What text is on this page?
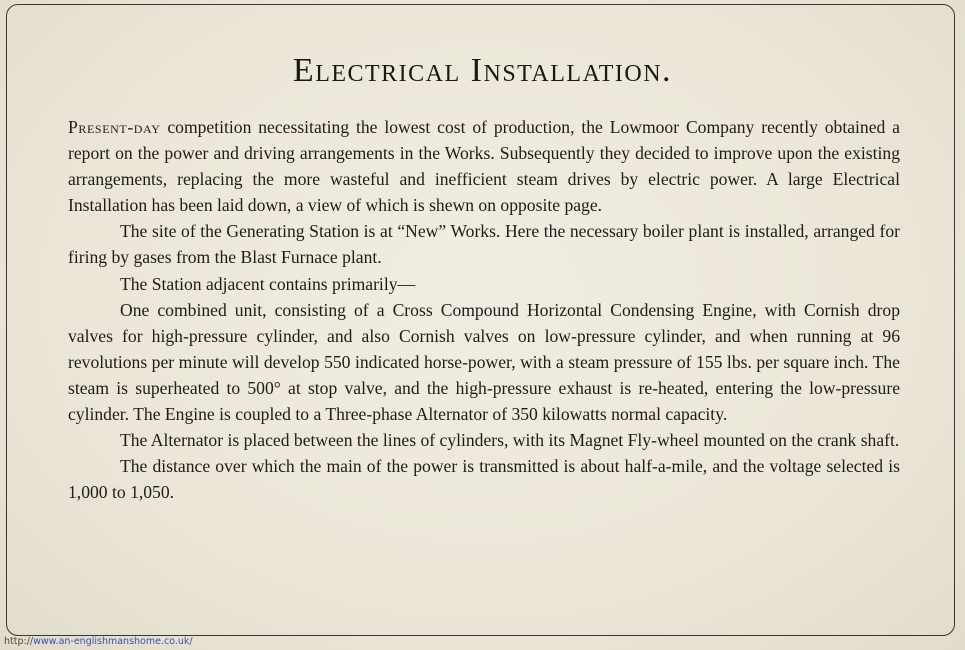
Electrical Installation.

Present-day competition necessitating the lowest cost of production, the Lowmoor Company recently obtained a report on the power and driving arrangements in the Works. Subsequently they decided to improve upon the existing arrangements, replacing the more wasteful and inefficient steam drives by electric power. A large Electrical Installation has been laid down, a view of which is shewn on opposite page.

The site of the Generating Station is at “New” Works. Here the necessary boiler plant is installed, arranged for firing by gases from the Blast Furnace plant.

The Station adjacent contains primarily—

One combined unit, consisting of a Cross Compound Horizontal Condensing Engine, with Cornish drop valves for high-pressure cylinder, and also Cornish valves on low-pressure cylinder, and when running at 96 revolutions per minute will develop 550 indicated horse-power, with a steam pressure of 155 lbs. per square inch. The steam is superheated to 500° at stop valve, and the high-pressure exhaust is re-heated, entering the low-pressure cylinder. The Engine is coupled to a Three-phase Alternator of 350 kilowatts normal capacity.

The Alternator is placed between the lines of cylinders, with its Magnet Fly-wheel mounted on the crank shaft.

The distance over which the main of the power is transmitted is about half-a-mile, and the voltage selected is 1,000 to 1,050.

http://www.an-englishmanshome.co.uk/
